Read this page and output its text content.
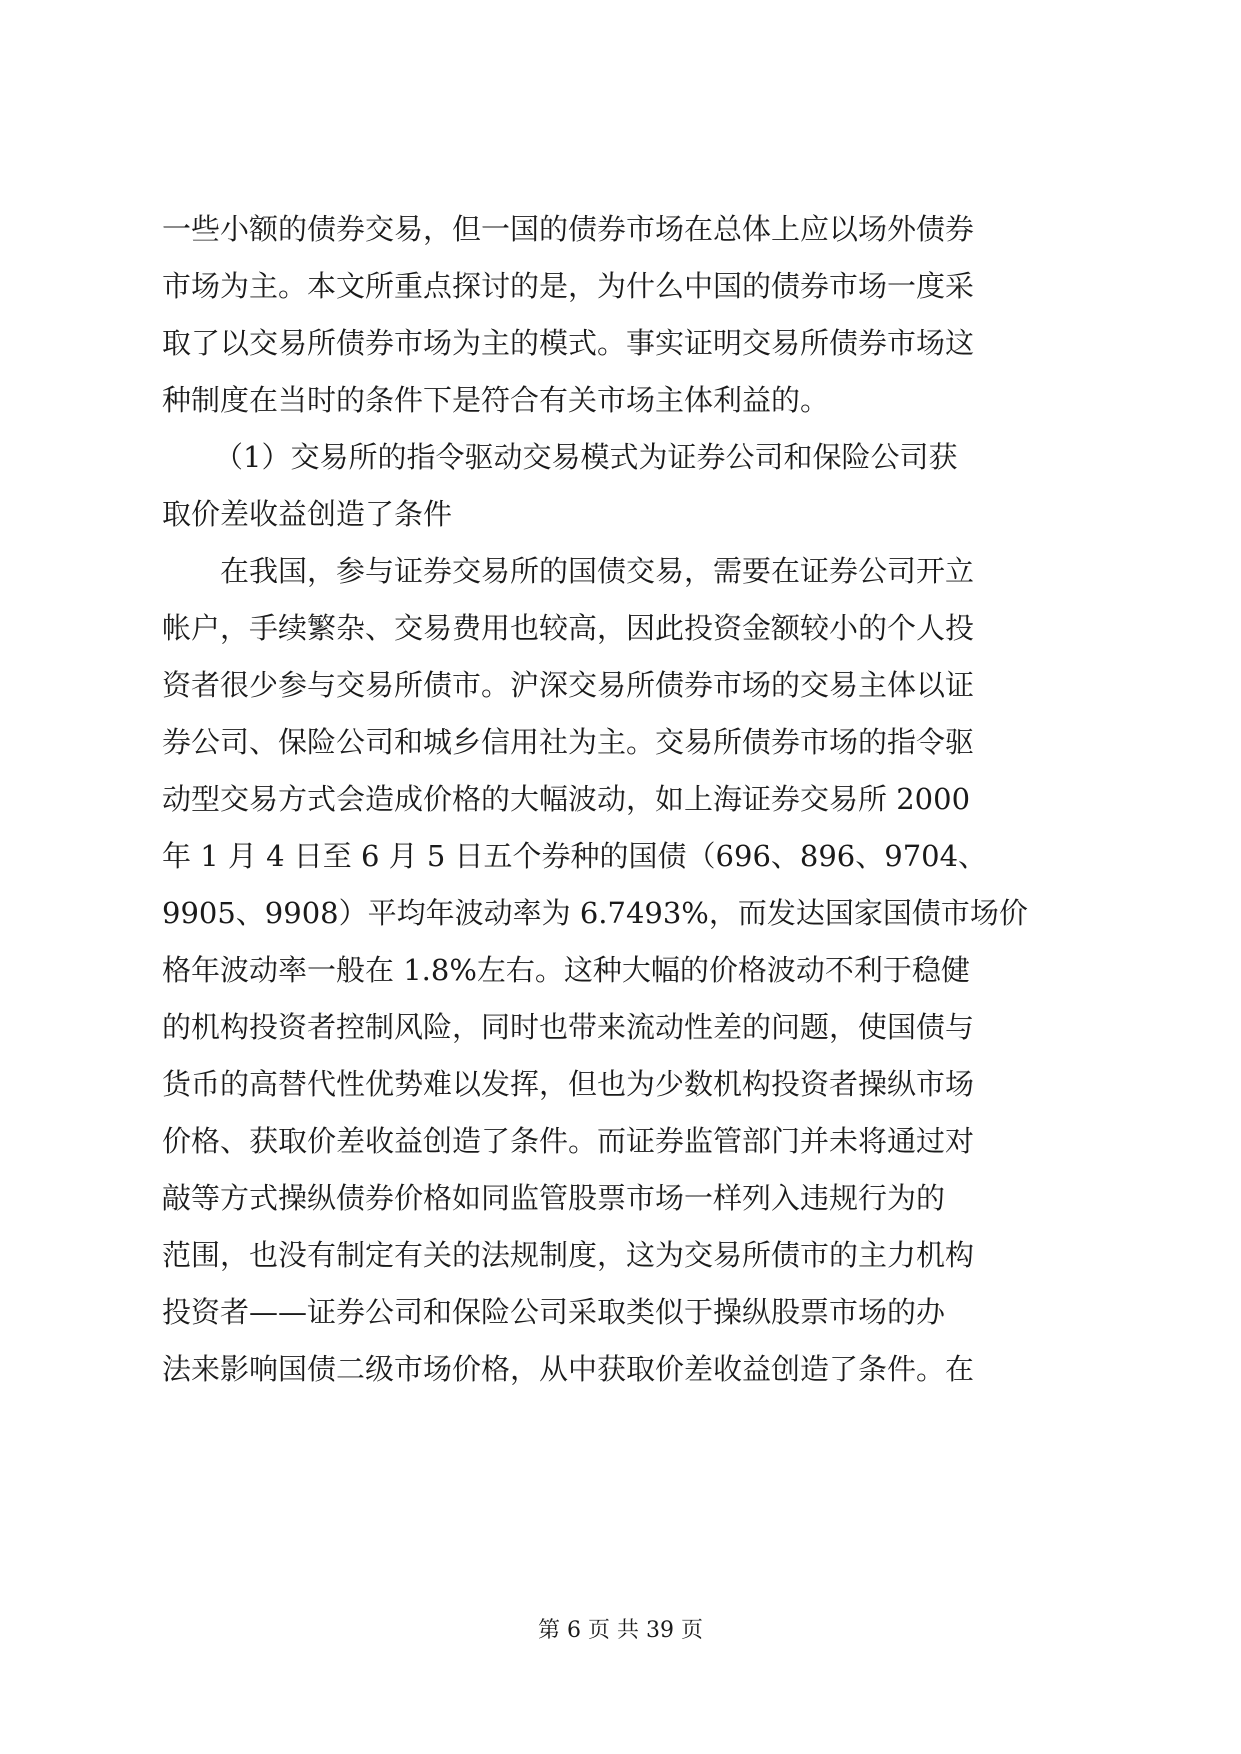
一些小额的债券交易，但一国的债券市场在总体上应以场外债券
市场为主。本文所重点探讨的是，为什么中国的债券市场一度采
取了以交易所债券市场为主的模式。事实证明交易所债券市场这
种制度在当时的条件下是符合有关市场主体利益的。
（1）交易所的指令驱动交易模式为证券公司和保险公司获
取价差收益创造了条件
在我国，参与证券交易所的国债交易，需要在证券公司开立
帐户，手续繁杂、交易费用也较高，因此投资金额较小的个人投
资者很少参与交易所债市。沪深交易所债券市场的交易主体以证
券公司、保险公司和城乡信用社为主。交易所债券市场的指令驱
动型交易方式会造成价格的大幅波动，如上海证券交易所 2000
年 1 月 4 日至 6 月 5 日五个券种的国债（696、896、9704、
9905、9908）平均年波动率为 6.7493%，而发达国家国债市场价
格年波动率一般在 1.8%左右。这种大幅的价格波动不利于稳健
的机构投资者控制风险，同时也带来流动性差的问题，使国债与
货币的高替代性优势难以发挥，但也为少数机构投资者操纵市场
价格、获取价差收益创造了条件。而证券监管部门并未将通过对
敲等方式操纵债券价格如同监管股票市场一样列入违规行为的
范围，也没有制定有关的法规制度，这为交易所债市的主力机构
投资者——证券公司和保险公司采取类似于操纵股票市场的办
法来影响国债二级市场价格，从中获取价差收益创造了条件。在
第 6 页 共 39 页
